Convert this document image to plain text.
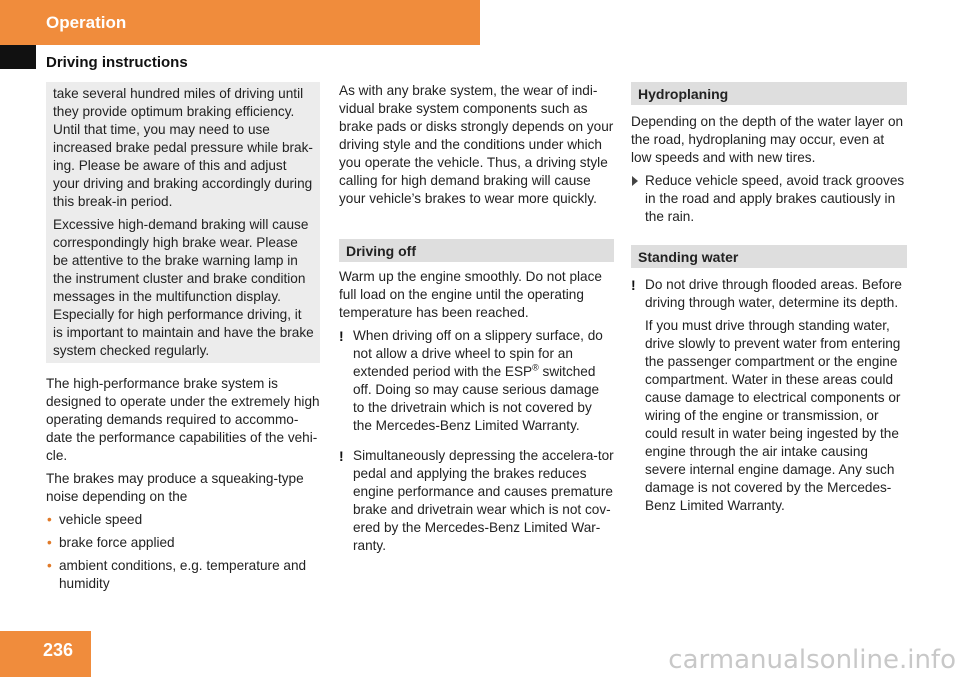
Operation
Driving instructions

take several hundred miles of driving until they provide optimum braking efficiency. Until that time, you may need to use increased brake pedal pressure while brak-ing. Please be aware of this and adjust your driving and braking accordingly during this break-in period.

Excessive high-demand braking will cause correspondingly high brake wear. Please be attentive to the brake warning lamp in the instrument cluster and brake condition messages in the multifunction display. Especially for high performance driving, it is important to maintain and have the brake system checked regularly.

The high-performance brake system is designed to operate under the extremely high operating demands required to accommo-date the performance capabilities of the vehi-cle.

The brakes may produce a squeaking-type noise depending on the

• vehicle speed
• brake force applied
• ambient conditions, e.g. temperature and humidity

As with any brake system, the wear of indi-vidual brake system components such as brake pads or disks strongly depends on your driving style and the conditions under which you operate the vehicle. Thus, a driving style calling for high demand braking will cause your vehicle’s brakes to wear more quickly.

Driving off

Warm up the engine smoothly. Do not place full load on the engine until the operating temperature has been reached.

! When driving off on a slippery surface, do not allow a drive wheel to spin for an extended period with the ESP® switched off. Doing so may cause serious damage to the drivetrain which is not covered by the Mercedes-Benz Limited Warranty.
! Simultaneously depressing the accelera-tor pedal and applying the brakes reduces engine performance and causes premature brake and drivetrain wear which is not cov-ered by the Mercedes-Benz Limited War-ranty.
Hydroplaning

Depending on the depth of the water layer on the road, hydroplaning may occur, even at low speeds and with new tires.

Reduce vehicle speed, avoid track grooves in the road and apply brakes cautiously in the rain.
Standing water
! Do not drive through flooded areas. Before driving through water, determine its depth.

If you must drive through standing water, drive slowly to prevent water from entering the passenger compartment or the engine compartment. Water in these areas could cause damage to electrical components or wiring of the engine or transmission, or could result in water being ingested by the engine through the air intake causing severe internal engine damage. Any such damage is not covered by the Mercedes-Benz Limited Warranty.

236	carmanualsonline.info
